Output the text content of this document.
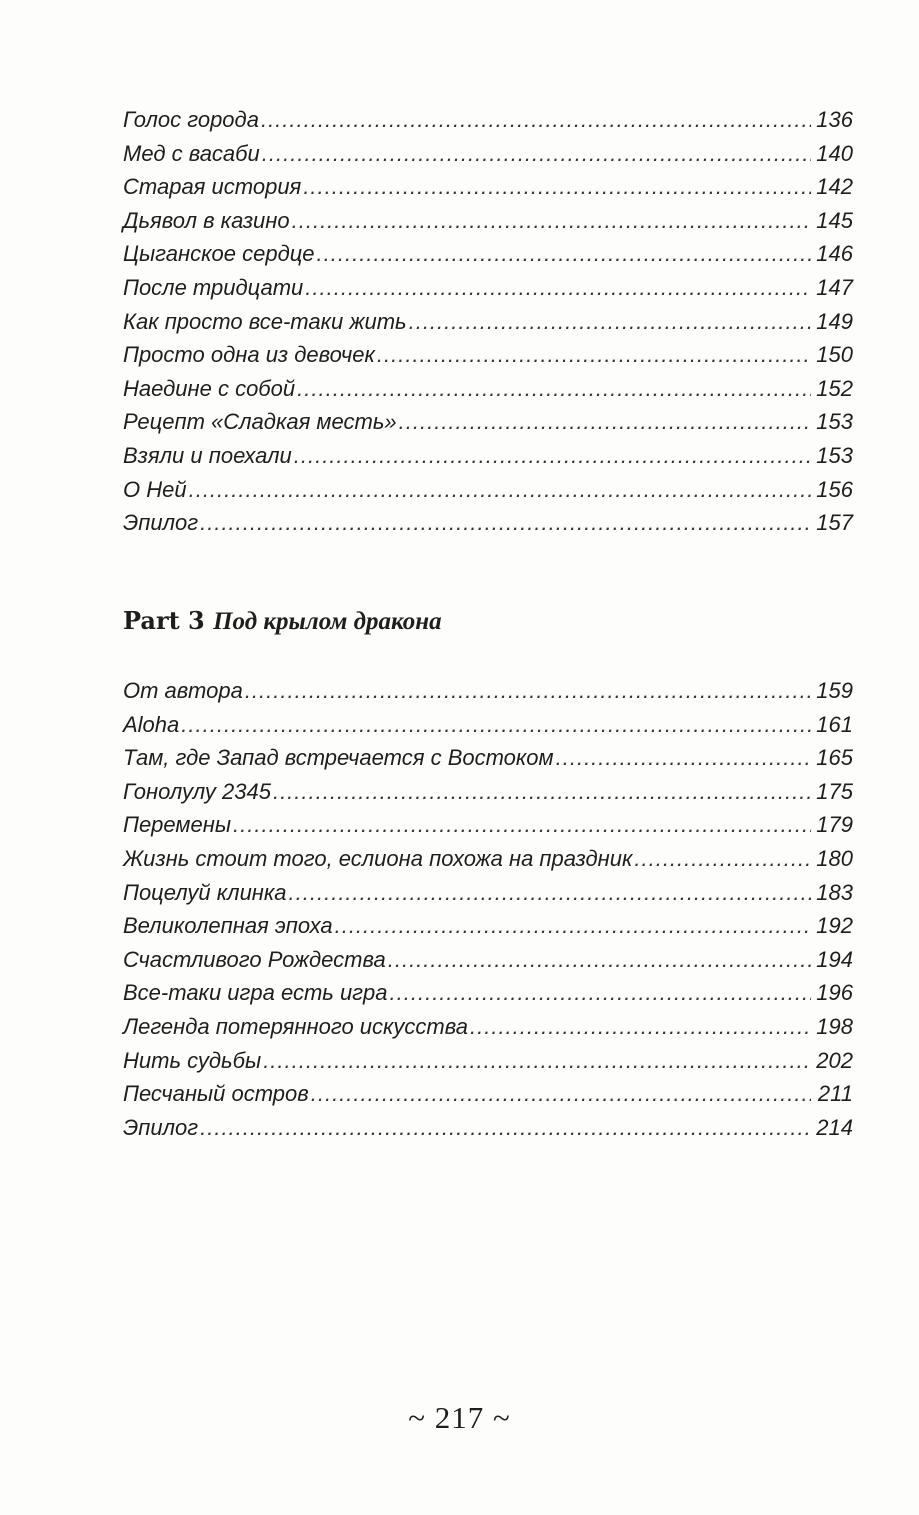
Голос города .....	136
Мед с васаби .....	140
Старая история .....	142
Дьявол в казино .....	145
Цыганское сердце .....	146
После тридцати .....	147
Как просто все-таки жить .....	149
Просто одна из девочек .....	150
Наедине с собой .....	152
Рецепт «Сладкая месть» .....	153
Взяли и поехали .....	153
О Ней .....	156
Эпилог .....	157
Part 3 Под крылом дракона
От автора .....	159
Aloha .....	161
Там, где Запад встречается с Востоком .....	165
Гонолулу 2345 .....	175
Перемены .....	179
Жизнь стоит того, еслиона похожа на праздник .....	180
Поцелуй клинка .....	183
Великолепная эпоха .....	192
Счастливого Рождества .....	194
Все-таки игра есть игра .....	196
Легенда потерянного искусства .....	198
Нить судьбы .....	202
Песчаный остров .....	211
Эпилог .....	214
~ 217 ~
